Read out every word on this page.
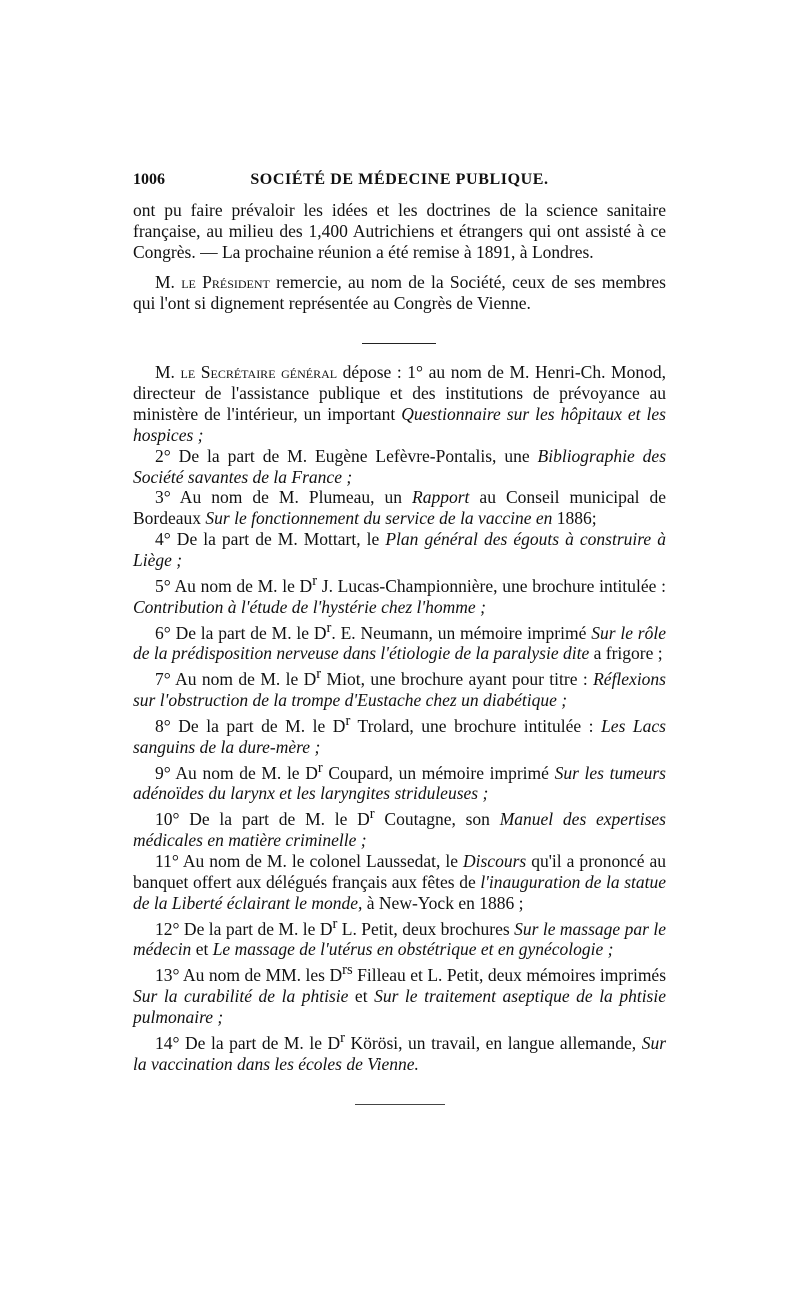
1006	SOCIÉTÉ DE MÉDECINE PUBLIQUE.

ont pu faire prévaloir les idées et les doctrines de la science sanitaire française, au milieu des 1,400 Autrichiens et étrangers qui ont assisté à ce Congrès. — La prochaine réunion a été remise à 1891, à Londres.

M. le Président remercie, au nom de la Société, ceux de ses membres qui l'ont si dignement représentée au Congrès de Vienne.

M. le Secrétaire général dépose : 1° au nom de M. Henri-Ch. Monod, directeur de l'assistance publique et des institutions de prévoyance au ministère de l'intérieur, un important Questionnaire sur les hôpitaux et les hospices ;

2° De la part de M. Eugène Lefèvre-Pontalis, une Bibliographie des Société savantes de la France ;

3° Au nom de M. Plumeau, un Rapport au Conseil municipal de Bordeaux Sur le fonctionnement du service de la vaccine en 1886;

4° De la part de M. Mottart, le Plan général des égouts à construire à Liège ;

5° Au nom de M. le $D^r$ J. Lucas-Championnière, une brochure intitulée : Contribution à l'étude de l'hystérie chez l'homme ;

6° De la part de M. le $D^r$. E. Neumann, un mémoire imprimé Sur le rôle de la prédisposition nerveuse dans l'étiologie de la paralysie dite a frigore ;

7° Au nom de M. le $D^r$ Miot, une brochure ayant pour titre : Réflexions sur l'obstruction de la trompe d'Eustache chez un diabétique ;

8° De la part de M. le $D^r$ Trolard, une brochure intitulée : Les Lacs sanguins de la dure-mère ;

9° Au nom de M. le $D^r$ Coupard, un mémoire imprimé Sur les tumeurs adénoïdes du larynx et les laryngites striduleuses ;

10° De la part de M. le $D^r$ Coutagne, son Manuel des expertises médicales en matière criminelle ;

11° Au nom de M. le colonel Laussedat, le Discours qu'il a prononcé au banquet offert aux délégués français aux fêtes de l'inauguration de la statue de la Liberté éclairant le monde, à New-Yock en 1886 ;

12° De la part de M. le $D^r$ L. Petit, deux brochures Sur le massage par le médecin et Le massage de l'utérus en obstétrique et en gynécologie ;

13° Au nom de MM. les $D^{rs}$ Filleau et L. Petit, deux mémoires imprimés Sur la curabilité de la phtisie et Sur le traitement aseptique de la phtisie pulmonaire ;

14° De la part de M. le $D^r$ Körösi, un travail, en langue allemande, Sur la vaccination dans les écoles de Vienne.
